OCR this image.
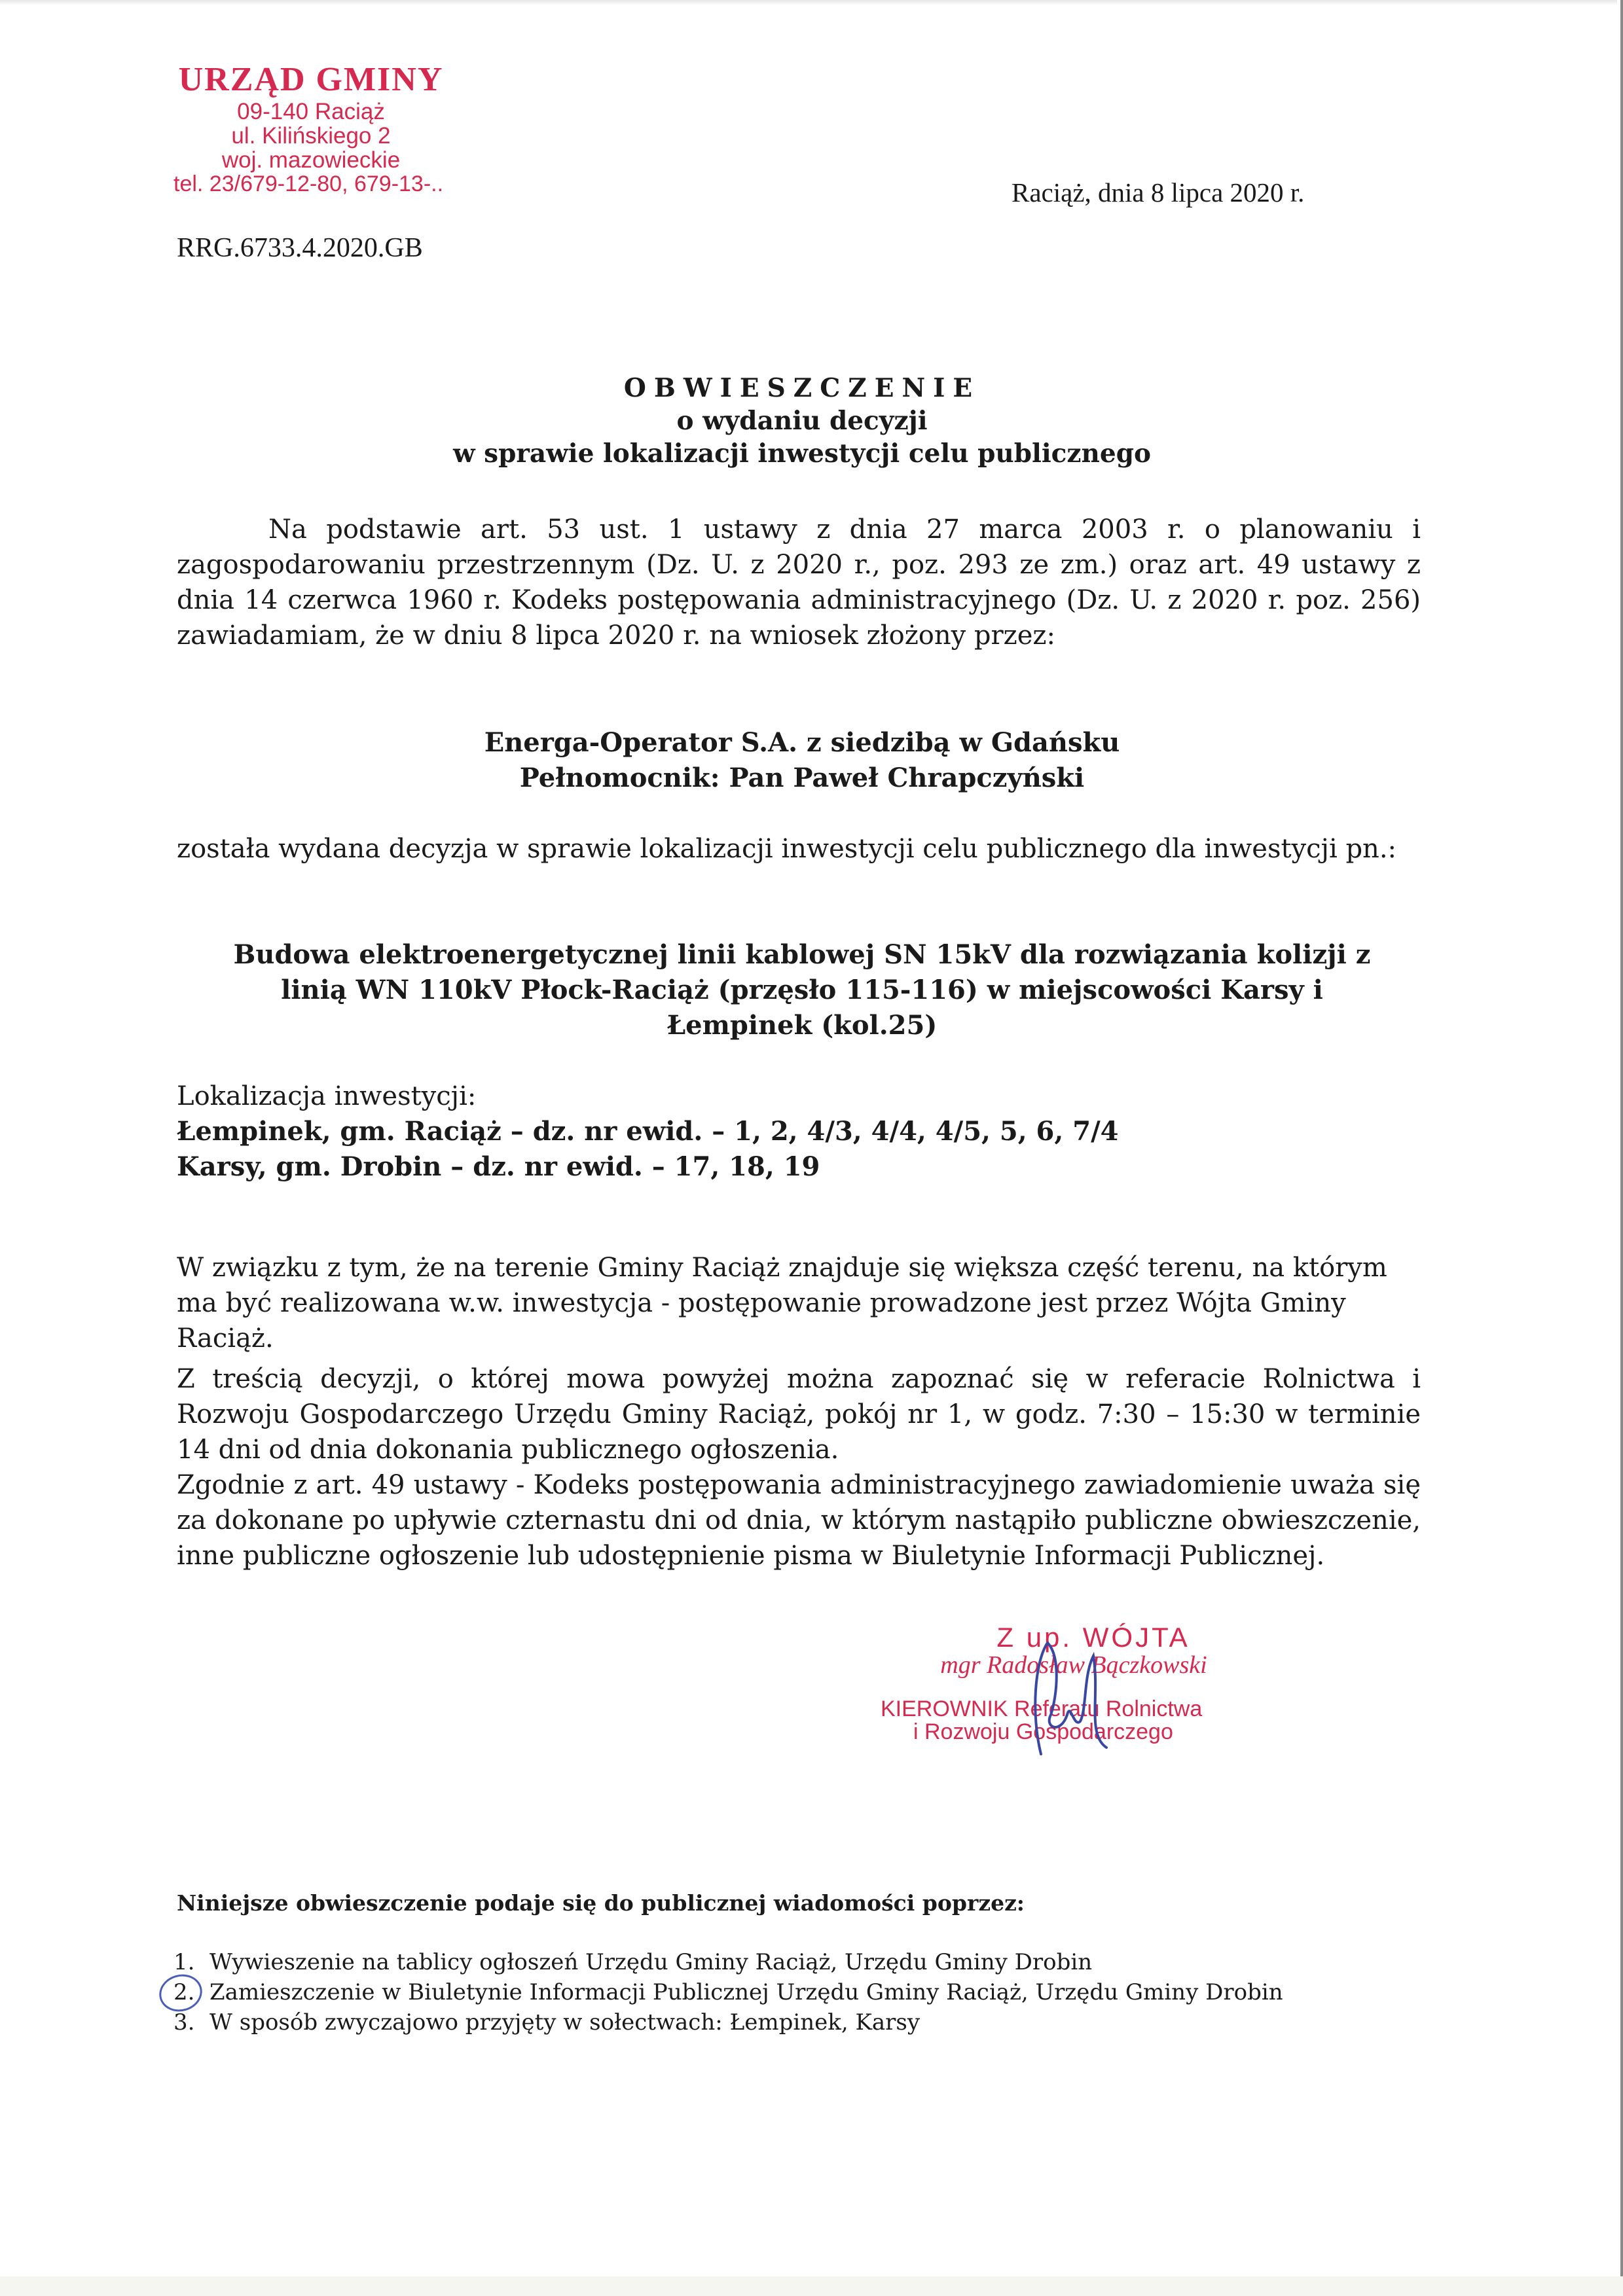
URZĄD GMINY
09-140 Raciąż
ul. Kilińskiego 2
woj. mazowieckie
tel. 23/679-12-80, 679-13-..	Raciąż, dnia 8 lipca 2020 r.
RRG.6733.4.2020.GB
OBWIESZCZENIE
o wydaniu decyzji
w sprawie lokalizacji inwestycji celu publicznego
Na podstawie art. 53 ust. 1 ustawy z dnia 27 marca 2003 r. o planowaniu i zagospodarowaniu przestrzennym (Dz. U. z 2020 r., poz. 293 ze zm.) oraz art. 49 ustawy z dnia 14 czerwca 1960 r. Kodeks postępowania administracyjnego (Dz. U. z 2020 r. poz. 256) zawiadamiam, że w dniu 8 lipca 2020 r. na wniosek złożony przez:
Energa-Operator S.A. z siedzibą w Gdańsku
Pełnomocnik: Pan Paweł Chrapczyński
została wydana decyzja w sprawie lokalizacji inwestycji celu publicznego dla inwestycji pn.:
Budowa elektroenergetycznej linii kablowej SN 15kV dla rozwiązania kolizji z
linią WN 110kV Płock-Raciąż (przęsło 115-116) w miejscowości Karsy i
Łempinek (kol.25)
Lokalizacja inwestycji:
Łempinek, gm. Raciąż – dz. nr ewid. – 1, 2, 4/3, 4/4, 4/5, 5, 6, 7/4
Karsy, gm. Drobin – dz. nr ewid. – 17, 18, 19
W związku z tym, że na terenie Gminy Raciąż znajduje się większa część terenu, na którym ma być realizowana w.w. inwestycja - postępowanie prowadzone jest przez Wójta Gminy Raciąż.
Z treścią decyzji, o której mowa powyżej można zapoznać się w referacie Rolnictwa i Rozwoju Gospodarczego Urzędu Gminy Raciąż, pokój nr 1, w godz. 7:30 – 15:30 w terminie 14 dni od dnia dokonania publicznego ogłoszenia.
Zgodnie z art. 49 ustawy - Kodeks postępowania administracyjnego zawiadomienie uważa się za dokonane po upływie czternastu dni od dnia, w którym nastąpiło publiczne obwieszczenie, inne publiczne ogłoszenie lub udostępnienie pisma w Biuletynie Informacji Publicznej.
Z up. WÓJTA
mgr Radosław Bączkowski
KIEROWNIK Referatu Rolnictwa
i Rozwoju Gospodarczego
Niniejsze obwieszczenie podaje się do publicznej wiadomości poprzez:
1. Wywieszenie na tablicy ogłoszeń Urzędu Gminy Raciąż, Urzędu Gminy Drobin
2. Zamieszczenie w Biuletynie Informacji Publicznej Urzędu Gminy Raciąż, Urzędu Gminy Drobin
3. W sposób zwyczajowo przyjęty w sołectwach: Łempinek, Karsy
